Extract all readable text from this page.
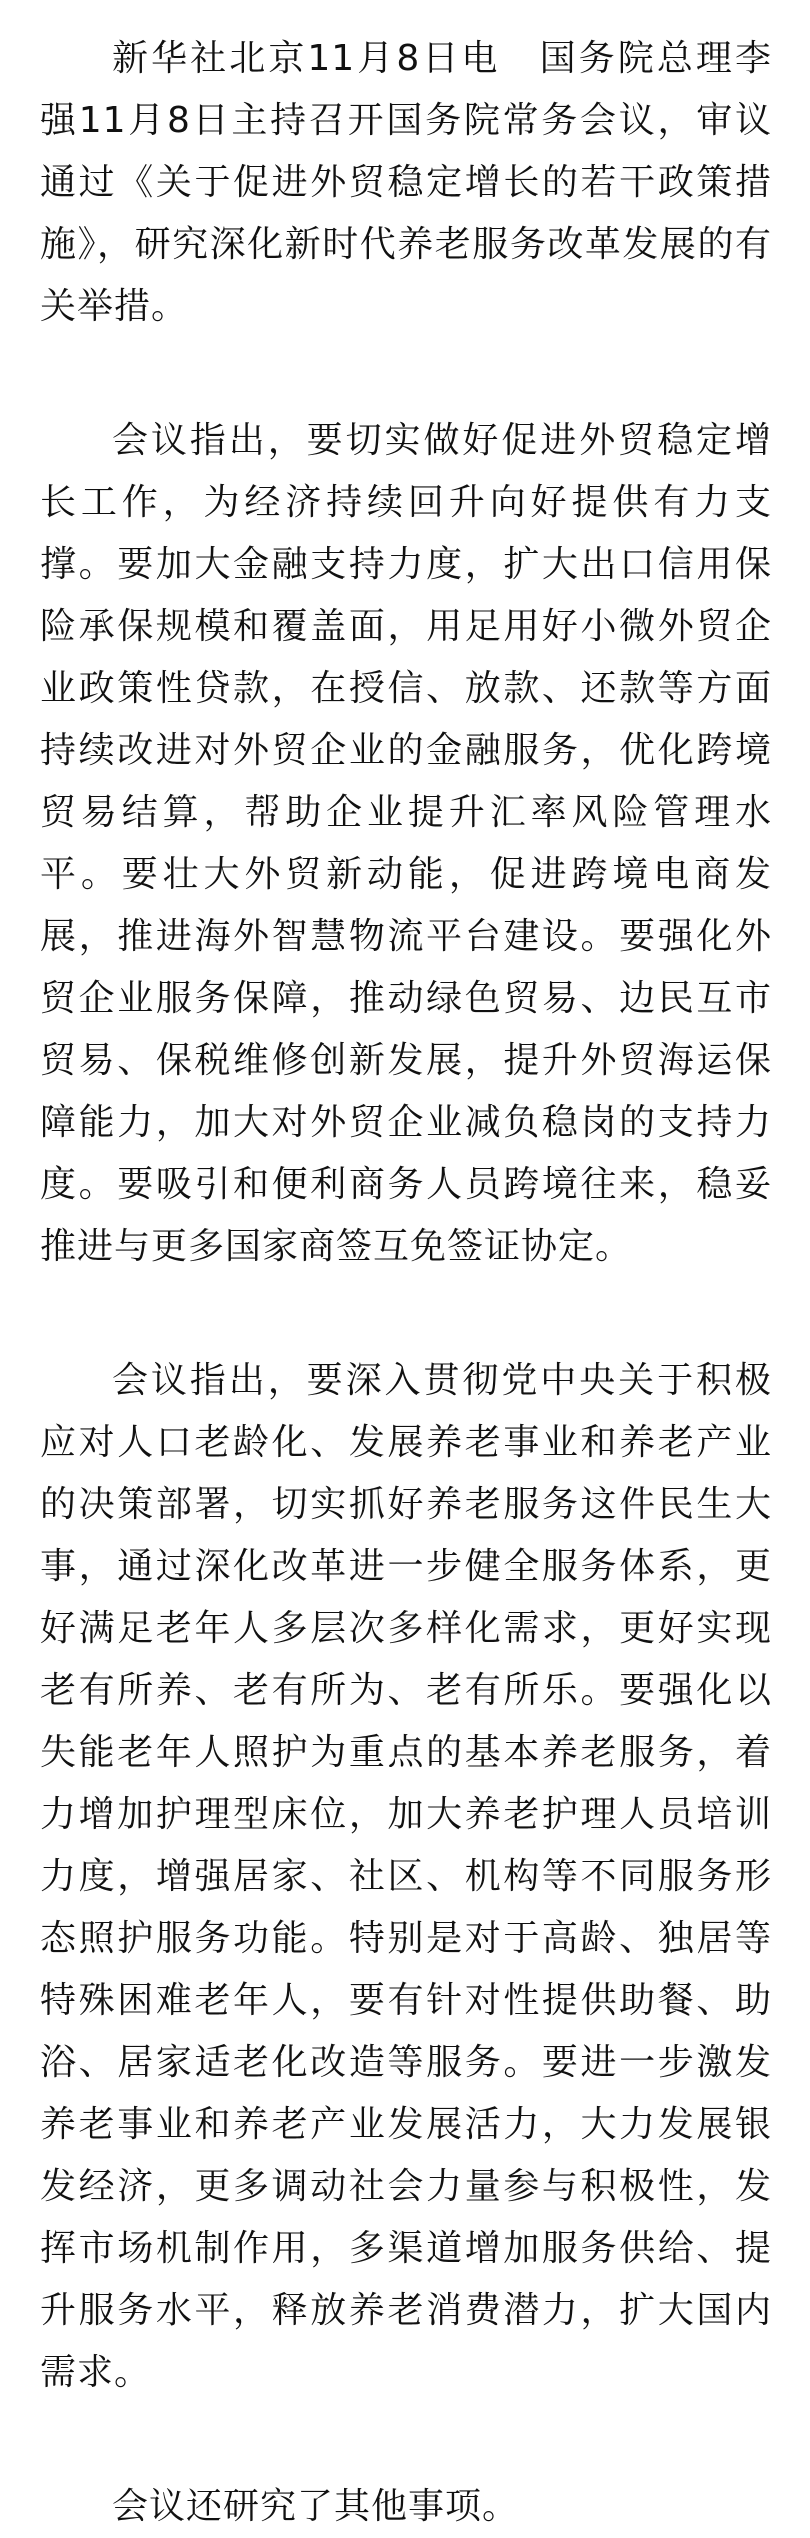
新华社北京11月8日电　国务院总理李强11月8日主持召开国务院常务会议，审议通过《关于促进外贸稳定增长的若干政策措施》，研究深化新时代养老服务改革发展的有关举措。

会议指出，要切实做好促进外贸稳定增长工作，为经济持续回升向好提供有力支撑。要加大金融支持力度，扩大出口信用保险承保规模和覆盖面，用足用好小微外贸企业政策性贷款，在授信、放款、还款等方面持续改进对外贸企业的金融服务，优化跨境贸易结算，帮助企业提升汇率风险管理水平。要壮大外贸新动能，促进跨境电商发展，推进海外智慧物流平台建设。要强化外贸企业服务保障，推动绿色贸易、边民互市贸易、保税维修创新发展，提升外贸海运保障能力，加大对外贸企业减负稳岗的支持力度。要吸引和便利商务人员跨境往来，稳妥推进与更多国家商签互免签证协定。

会议指出，要深入贯彻党中央关于积极应对人口老龄化、发展养老事业和养老产业的决策部署，切实抓好养老服务这件民生大事，通过深化改革进一步健全服务体系，更好满足老年人多层次多样化需求，更好实现老有所养、老有所为、老有所乐。要强化以失能老年人照护为重点的基本养老服务，着力增加护理型床位，加大养老护理人员培训力度，增强居家、社区、机构等不同服务形态照护服务功能。特别是对于高龄、独居等特殊困难老年人，要有针对性提供助餐、助浴、居家适老化改造等服务。要进一步激发养老事业和养老产业发展活力，大力发展银发经济，更多调动社会力量参与积极性，发挥市场机制作用，多渠道增加服务供给、提升服务水平，释放养老消费潜力，扩大国内需求。

会议还研究了其他事项。
